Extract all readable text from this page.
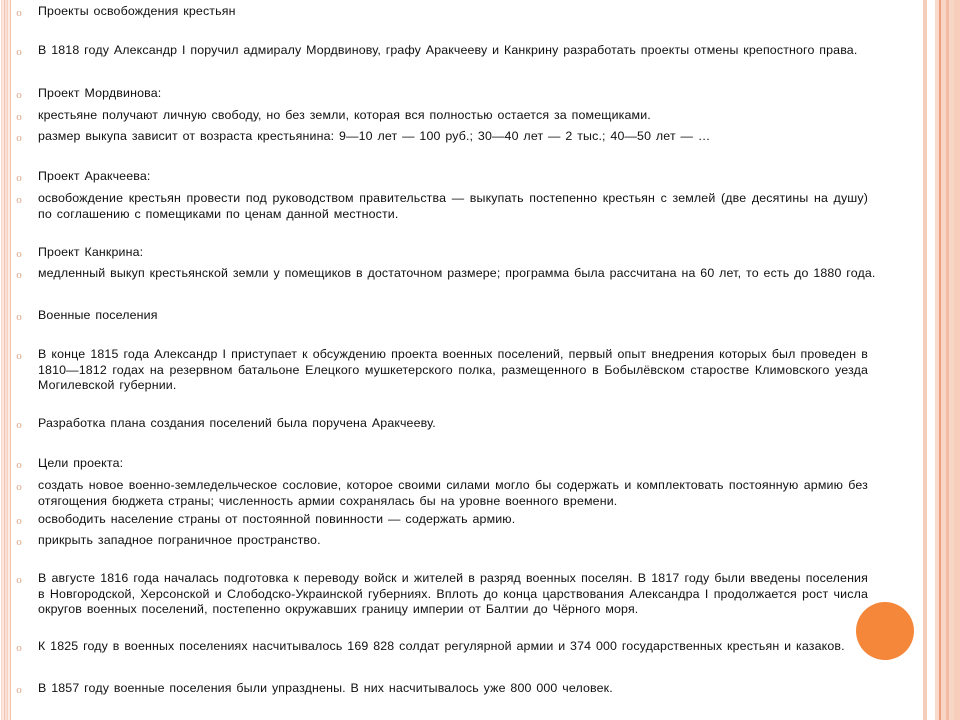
o	Проекты освобождения крестьян
o	В 1818 году Александр I поручил адмиралу Мордвинову, графу Аракчееву и Канкрину разработать проекты отмены крепостного права.
o	Проект Мордвинова:
o	крестьяне получают личную свободу, но без земли, которая вся полностью остается за помещиками.
o	размер выкупа зависит от возраста крестьянина: 9—10 лет — 100 руб.; 30—40 лет — 2 тыс.; 40—50 лет — …
o	Проект Аракчеева:
o	освобождение крестьян провести под руководством правительства — выкупать постепенно крестьян с землей (две десятины на душу) по соглашению с помещиками по ценам данной местности.
o	Проект Канкрина:
o	медленный выкуп крестьянской земли у помещиков в достаточном размере; программа была рассчитана на 60 лет, то есть до 1880 года.
o	Военные поселения
o	В конце 1815 года Александр I приступает к обсуждению проекта военных поселений, первый опыт внедрения которых был проведен в 1810—1812 годах на резервном батальоне Елецкого мушкетерского полка, размещенного в Бобылёвском старостве Климовского уезда Могилевской губернии.
o	Разработка плана создания поселений была поручена Аракчееву.
o	Цели проекта:
o	создать новое военно-земледельческое сословие, которое своими силами могло бы содержать и комплектовать постоянную армию без отягощения бюджета страны; численность армии сохранялась бы на уровне военного времени.
o	освободить население страны от постоянной повинности — содержать армию.
o	прикрыть западное пограничное пространство.
o	В августе 1816 года началась подготовка к переводу войск и жителей в разряд военных поселян. В 1817 году были введены поселения в Новгородской, Херсонской и Слободско-Украинской губерниях. Вплоть до конца царствования Александра I продолжается рост числа округов военных поселений, постепенно окружавших границу империи от Балтии до Чёрного моря.
o	К 1825 году в военных поселениях насчитывалось 169 828 солдат регулярной армии и 374 000 государственных крестьян и казаков.
o	В 1857 году военные поселения были упразднены. В них насчитывалось уже 800 000 человек.
